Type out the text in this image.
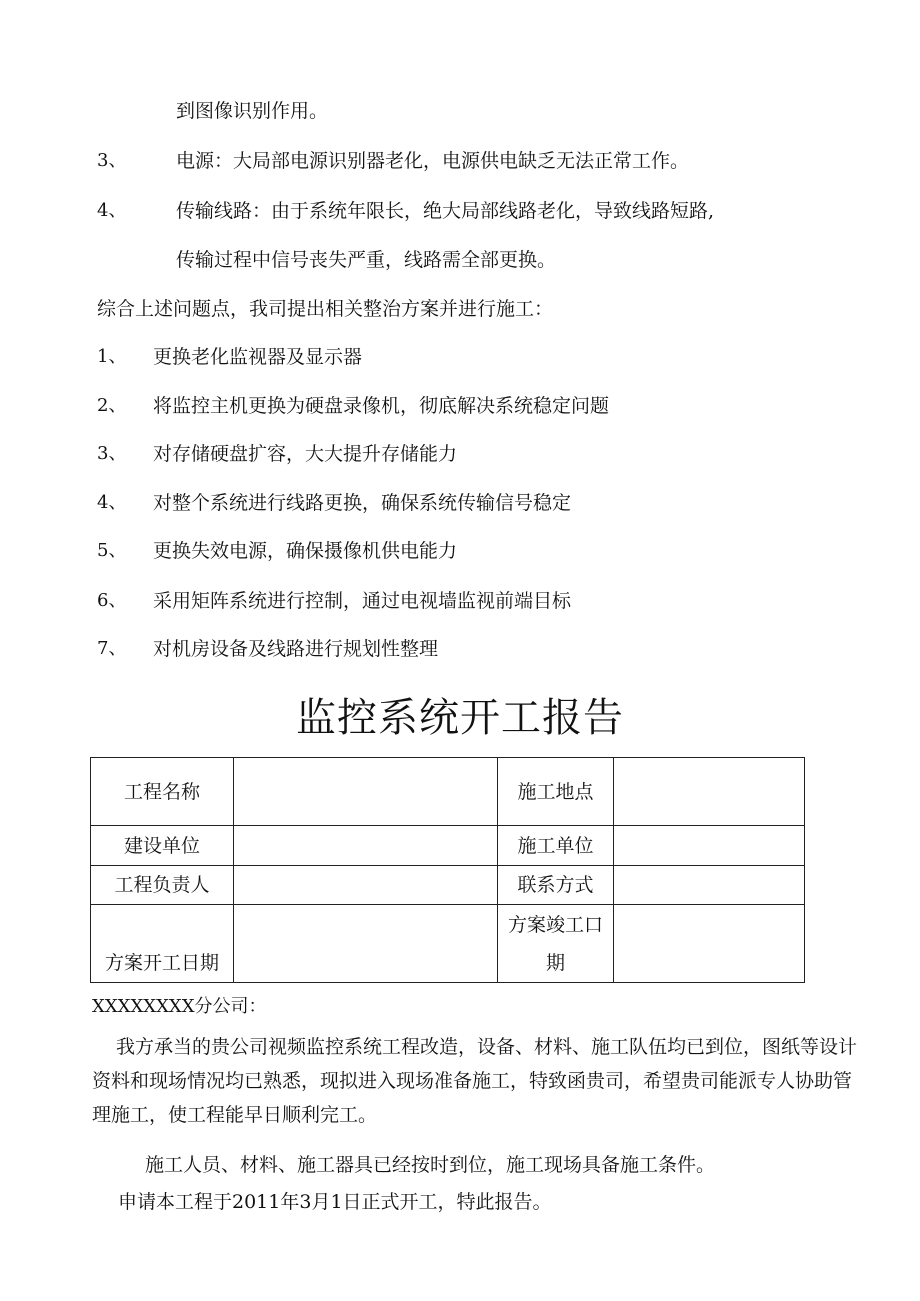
到图像识别作用。
3、	电源：大局部电源识别器老化，电源供电缺乏无法正常工作。
4、	传输线路：由于系统年限长，绝大局部线路老化，导致线路短路,
传输过程中信号丧失严重，线路需全部更换。
综合上述问题点，我司提出相关整治方案并进行施工：
1、 更换老化监视器及显示器
2、 将监控主机更换为硬盘录像机，彻底解决系统稳定问题
3、 对存储硬盘扩容，大大提升存储能力
4、 对整个系统进行线路更换，确保系统传输信号稳定
5、 更换失效电源，确保摄像机供电能力
6、 采用矩阵系统进行控制，通过电视墙监视前端目标
7、 对机房设备及线路进行规划性整理
监控系统开工报告
工程名称		施工地点	
建设单位		施工单位	
工程负责人		联系方式	
方案开工日期		方案竣工口
期	

XXXXXXXX分公司：
我方承当的贵公司视频监控系统工程改造，设备、材料、施工队伍均已到位，图纸等设计资料和现场情况均已熟悉，现拟进入现场准备施工，特致函贵司，希望贵司能派专人协助管理施工，使工程能早日顺利完工。
施工人员、材料、施工器具已经按时到位，施工现场具备施工条件。
申请本工程于2011年3月1日正式开工，特此报告。
